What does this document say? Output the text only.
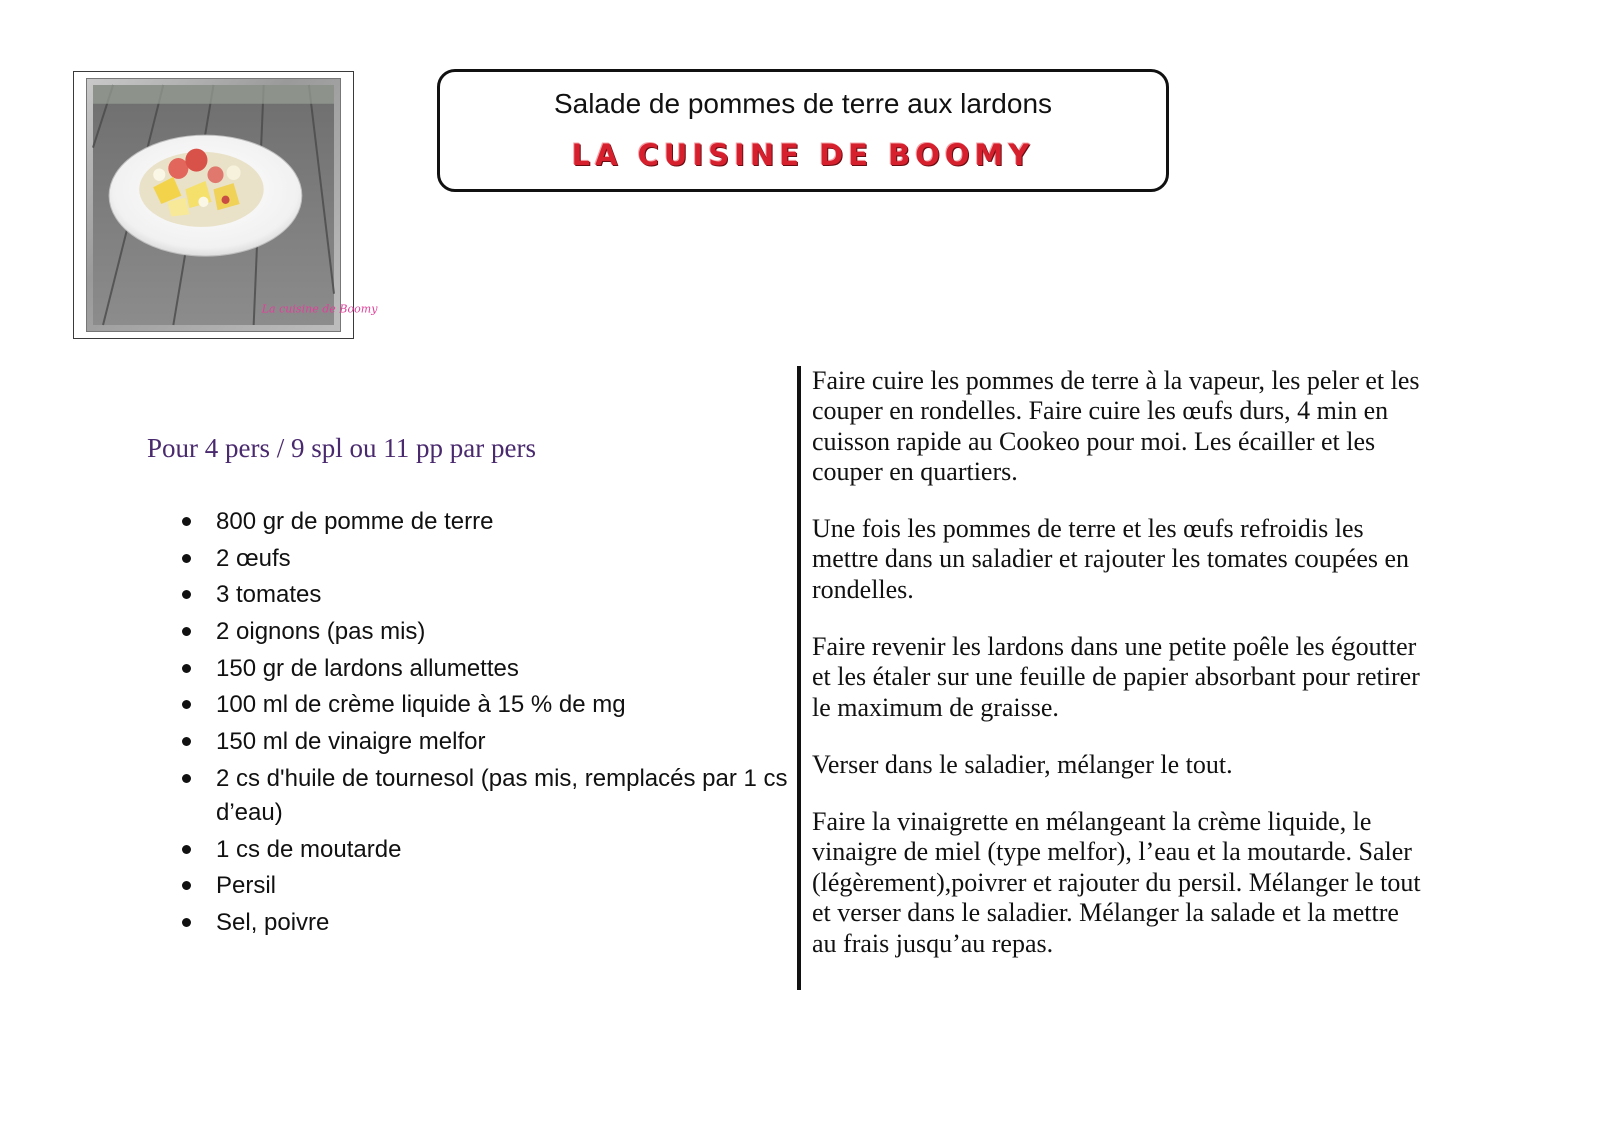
La cuisine de Boomy
Salade de pommes de terre aux lardons
LA CUISINE DE BOOMY
Pour 4 pers / 9 spl ou 11 pp par pers
800 gr de pomme de terre
2 œufs
3 tomates
2 oignons (pas mis)
150 gr de lardons allumettes
100 ml de crème liquide à 15 % de mg
150 ml de vinaigre melfor
2 cs d'huile de tournesol (pas mis, remplacés par 1 cs d’eau)
1 cs de moutarde
Persil
Sel, poivre

Faire cuire les pommes de terre à la vapeur, les peler et les couper en rondelles. Faire cuire les œufs durs, 4 min en cuisson rapide au Cookeo pour moi. Les écailler et les couper en quartiers.

Une fois les pommes de terre et les œufs refroidis les mettre dans un saladier et rajouter les tomates coupées en rondelles.

Faire revenir les lardons dans une petite poêle les égoutter et les étaler sur une feuille de papier absorbant pour retirer le maximum de graisse.

Verser dans le saladier, mélanger le tout.

Faire la vinaigrette en mélangeant la crème liquide, le vinaigre de miel (type melfor), l’eau et la moutarde. Saler (légèrement),poivrer et rajouter du persil. Mélanger le tout et verser dans le saladier. Mélanger la salade et la mettre au frais jusqu’au repas.
